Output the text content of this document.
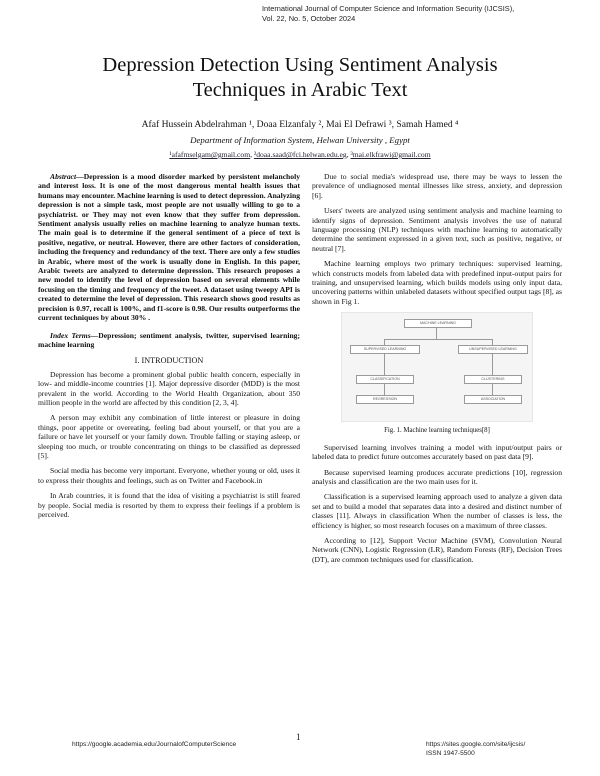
International Journal of Computer Science and Information Security (IJCSIS),
Vol. 22, No. 5, October 2024
Depression Detection Using Sentiment Analysis
Techniques in Arabic Text
Afaf Hussein Abdelrahman ¹, Doaa Elzanfaly ², Mai El Defrawi ³, Samah Hamed ⁴
Department of Information System, Helwan University , Egypt
¹afafmselgam@gmail.com, ²doaa.saad@fci.helwan.edu.eg, ³mai.elkfrawi@gmail.com
Abstract—Depression is a mood disorder marked by persistent melancholy and interest loss. It is one of the most dangerous mental health issues that humans may encounter. Machine learning is used to detect depression. Analyzing depression is not a simple task, most people are not usually willing to go to a psychiatrist. or They may not even know that they suffer from depression. Sentiment analysis usually relies on machine learning to analyze human texts. The main goal is to determine if the general sentiment of a piece of text is positive, negative, or neutral. However, there are other factors of consideration, including the frequency and redundancy of the text. There are only a few studies in Arabic, where most of the work is usually done in English. In this paper, Arabic tweets are analyzed to determine depression. This research proposes a new model to identify the level of depression based on several elements while focusing on the timing and frequency of the tweet. A dataset using tweepy API is created to determine the level of depression. This research shows good results as precision is 0.97, recall is 100%, and f1-score is 0.98. Our results outperforms the current techniques by about 30% .
Index Terms—Depression; sentiment analysis, twitter, supervised learning; machine learning
I. INTRODUCTION

Depression has become a prominent global public health concern, especially in low- and middle-income countries [1]. Major depressive disorder (MDD) is the most prevalent in the world. According to the World Health Organization, about 350 million people in the world are affected by this condition [2, 3, 4].

A person may exhibit any combination of little interest or pleasure in doing things, poor appetite or overeating, feeling bad about yourself, or that you are a failure or have let yourself or your family down. Trouble falling or staying asleep, or sleeping too much, or trouble concentrating on things to be classified as depressed [5].

Social media has become very important. Everyone, whether young or old, uses it to express their thoughts and feelings, such as on Twitter and Facebook.in

In Arab countries, it is found that the idea of visiting a psychiatrist is still feared by people. Social media is resorted by them to express their feelings if a problem is perceived.

Due to social media's widespread use, there may be ways to lessen the prevalence of undiagnosed mental illnesses like stress, anxiety, and depression [6].

Users' tweets are analyzed using sentiment analysis and machine learning to identify signs of depression. Sentiment analysis involves the use of natural language processing (NLP) techniques with machine learning to automatically determine the sentiment expressed in a given text, such as positive, negative, or neutral [7].

Machine learning employs two primary techniques: supervised learning, which constructs models from labeled data with predefined input-output pairs for training, and unsupervised learning, which builds models using only input data, uncovering patterns within unlabeled datasets without specified output tags [8], as shown in Fig 1.

MACHINE LEARNING
SUPERVISED LEARNING	UNSUPERVISED LEARNING
CLASSIFICATION	CLUSTERING
REGRESSION	ASSOCIATION
Fig. 1. Machine learning techniques[8]

Supervised learning involves training a model with input/output pairs or labeled data to predict future outcomes accurately based on past data [9].

Because supervised learning produces accurate predictions [10], regression analysis and classification are the two main uses for it.

Classification is a supervised learning approach used to analyze a given data set and to build a model that separates data into a desired and distinct number of classes [11]. Always in classification When the number of classes is less, the efficiency is higher, so most research focuses on a maximum of three classes.

According to [12], Support Vector Machine (SVM), Convolution Neural Network (CNN), Logistic Regression (LR), Random Forests (RF), Decision Trees (DT), are common techniques used for classification.

https://google.academia.edu/JournalofComputerScience
1
https://sites.google.com/site/ijcsis/
ISSN 1947-5500
